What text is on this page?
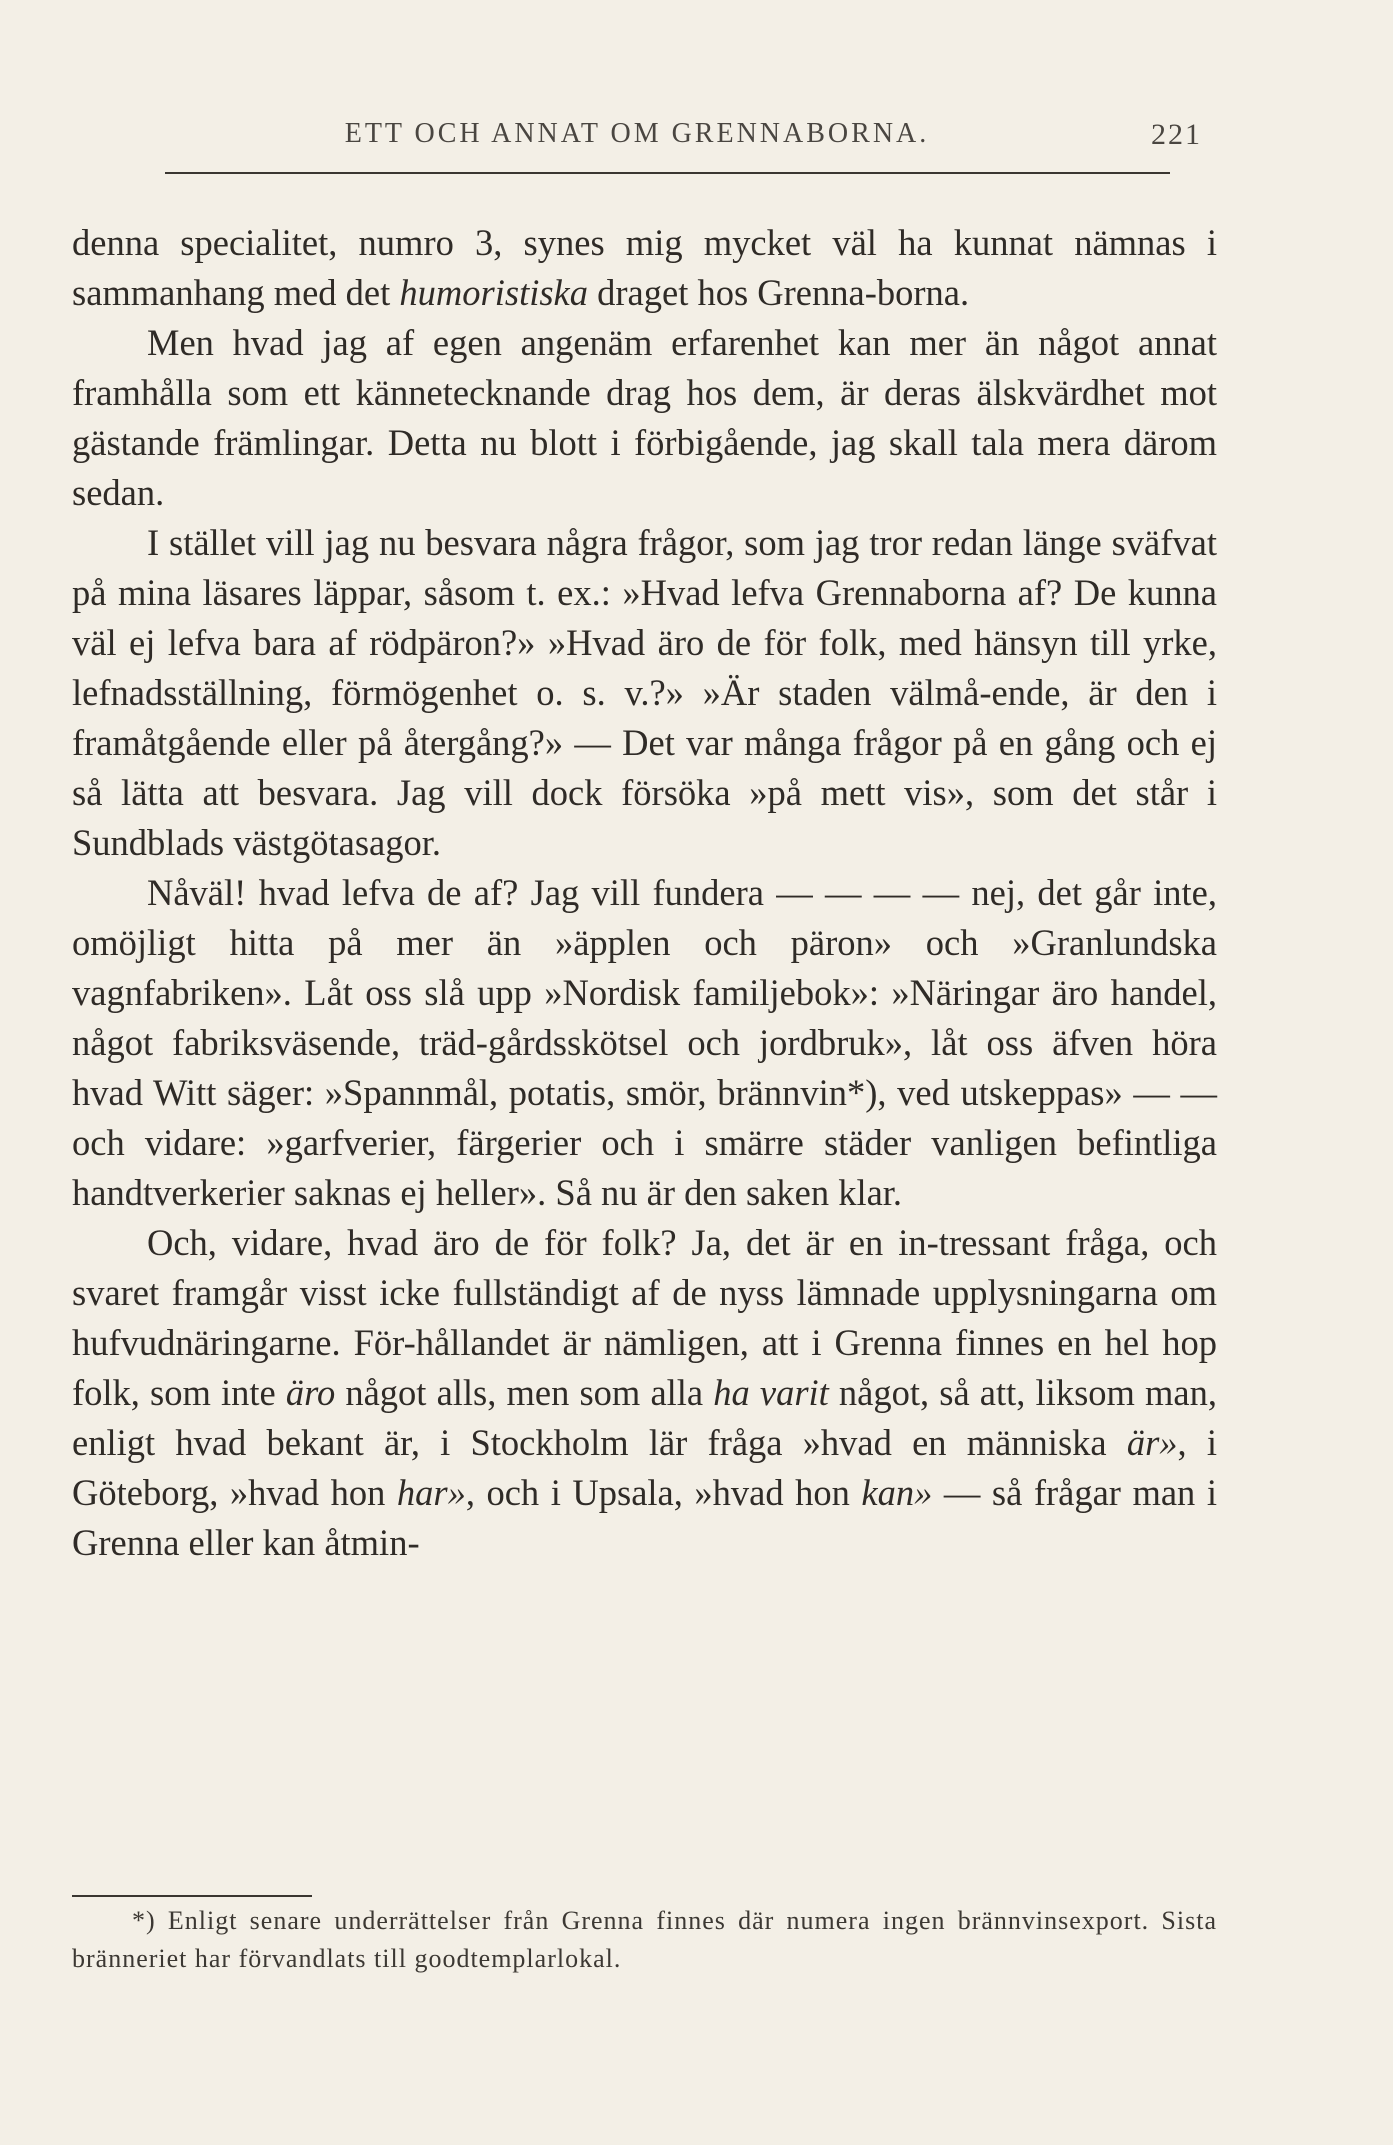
ETT OCH ANNAT OM GRENNABORNA.	221

denna specialitet, numro 3, synes mig mycket väl ha kunnat nämnas i sammanhang med det humoristiska draget hos Grenna-borna.

Men hvad jag af egen angenäm erfarenhet kan mer än något annat framhålla som ett kännetecknande drag hos dem, är deras älskvärdhet mot gästande främlingar. Detta nu blott i förbigående, jag skall tala mera därom sedan.

I stället vill jag nu besvara några frågor, som jag tror redan länge sväfvat på mina läsares läppar, såsom t. ex.: »Hvad lefva Grennaborna af? De kunna väl ej lefva bara af rödpäron?» »Hvad äro de för folk, med hänsyn till yrke, lefnadsställning, förmögenhet o. s. v.?» »Är staden välmå-ende, är den i framåtgående eller på återgång?» — Det var många frågor på en gång och ej så lätta att besvara. Jag vill dock försöka »på mett vis», som det står i Sundblads västgötasagor.

Nåväl! hvad lefva de af? Jag vill fundera — — — — nej, det går inte, omöjligt hitta på mer än »äpplen och päron» och »Granlundska vagnfabriken». Låt oss slå upp »Nordisk familjebok»: »Näringar äro handel, något fabriksväsende, träd-gårdsskötsel och jordbruk», låt oss äfven höra hvad Witt säger: »Spannmål, potatis, smör, brännvin*), ved utskeppas» — — och vidare: »garfverier, färgerier och i smärre städer vanligen befintliga handtverkerier saknas ej heller». Så nu är den saken klar.

Och, vidare, hvad äro de för folk? Ja, det är en in-tressant fråga, och svaret framgår visst icke fullständigt af de nyss lämnade upplysningarna om hufvudnäringarne. För-hållandet är nämligen, att i Grenna finnes en hel hop folk, som inte äro något alls, men som alla ha varit något, så att, liksom man, enligt hvad bekant är, i Stockholm lär fråga »hvad en människa är», i Göteborg, »hvad hon har», och i Upsala, »hvad hon kan» — så frågar man i Grenna eller kan åtmin-

*) Enligt senare underrättelser från Grenna finnes där numera ingen brännvinsexport. Sista bränneriet har förvandlats till goodtemplarlokal.
